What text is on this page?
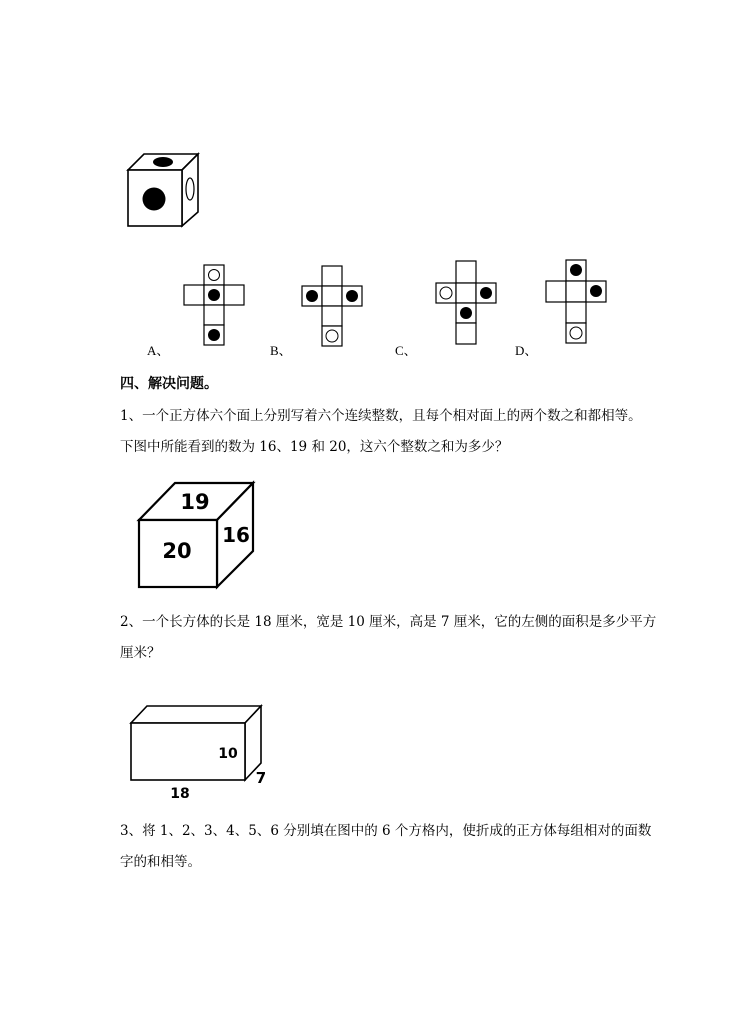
A、	B、	C、	D、
四、解决问题。
1、一个正方体六个面上分别写着六个连续整数，且每个相对面上的两个数之和都相等。
下图中所能看到的数为 16、19 和 20，这六个整数之和为多少？
19
20
16
2、一个长方体的长是 18 厘米，宽是 10 厘米，高是 7 厘米，它的左侧的面积是多少平方
厘米？
10
7
18
3、将 1、2、3、4、5、6 分别填在图中的 6 个方格内，使折成的正方体每组相对的面数
字的和相等。
